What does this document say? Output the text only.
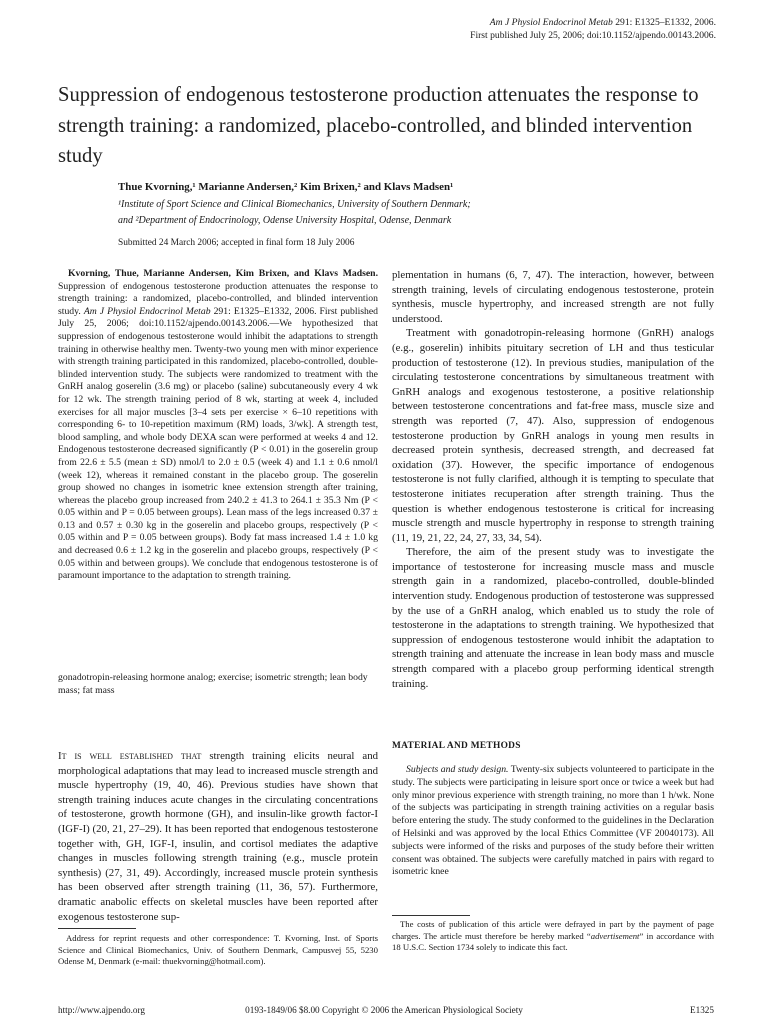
Am J Physiol Endocrinol Metab 291: E1325–E1332, 2006.
First published July 25, 2006; doi:10.1152/ajpendo.00143.2006.
Suppression of endogenous testosterone production attenuates the response to strength training: a randomized, placebo-controlled, and blinded intervention study
Thue Kvorning,¹ Marianne Andersen,² Kim Brixen,² and Klavs Madsen¹
¹Institute of Sport Science and Clinical Biomechanics, University of Southern Denmark;
and ²Department of Endocrinology, Odense University Hospital, Odense, Denmark
Submitted 24 March 2006; accepted in final form 18 July 2006

Kvorning, Thue, Marianne Andersen, Kim Brixen, and Klavs Madsen. Suppression of endogenous testosterone production attenuates the response to strength training: a randomized, placebo-controlled, and blinded intervention study. Am J Physiol Endocrinol Metab 291: E1325–E1332, 2006. First published July 25, 2006; doi:10.1152/ajpendo.00143.2006.—We hypothesized that suppression of endogenous testosterone would inhibit the adaptations to strength training in otherwise healthy men. Twenty-two young men with minor experience with strength training participated in this randomized, placebo-controlled, double-blinded intervention study. The subjects were randomized to treatment with the GnRH analog goserelin (3.6 mg) or placebo (saline) subcutaneously every 4 wk for 12 wk. The strength training period of 8 wk, starting at week 4, included exercises for all major muscles [3–4 sets per exercise × 6–10 repetitions with corresponding 6- to 10-repetition maximum (RM) loads, 3/wk]. A strength test, blood sampling, and whole body DEXA scan were performed at weeks 4 and 12. Endogenous testosterone decreased significantly (P < 0.01) in the goserelin group from 22.6 ± 5.5 (mean ± SD) nmol/l to 2.0 ± 0.5 (week 4) and 1.1 ± 0.6 nmol/l (week 12), whereas it remained constant in the placebo group. The goserelin group showed no changes in isometric knee extension strength after training, whereas the placebo group increased from 240.2 ± 41.3 to 264.1 ± 35.3 Nm (P < 0.05 within and P = 0.05 between groups). Lean mass of the legs increased 0.37 ± 0.13 and 0.57 ± 0.30 kg in the goserelin and placebo groups, respectively (P < 0.05 within and P = 0.05 between groups). Body fat mass increased 1.4 ± 1.0 kg and decreased 0.6 ± 1.2 kg in the goserelin and placebo groups, respectively (P < 0.05 within and between groups). We conclude that endogenous testosterone is of paramount importance to the adaptation to strength training.

gonadotropin-releasing hormone analog; exercise; isometric strength; lean body mass; fat mass

It is well established that strength training elicits neural and morphological adaptations that may lead to increased muscle strength and muscle hypertrophy (19, 40, 46). Previous studies have shown that strength training induces acute changes in the circulating concentrations of testosterone, growth hormone (GH), and insulin-like growth factor-I (IGF-I) (20, 21, 27–29). It has been reported that endogenous testosterone together with, GH, IGF-I, insulin, and cortisol mediates the adaptive changes in muscles following strength training (e.g., muscle protein synthesis) (27, 31, 49). Accordingly, increased muscle protein synthesis has been observed after strength training (11, 36, 57). Furthermore, dramatic anabolic effects on skeletal muscles have been reported after exogenous testosterone sup-

plementation in humans (6, 7, 47). The interaction, however, between strength training, levels of circulating endogenous testosterone, protein synthesis, muscle hypertrophy, and increased strength are not fully understood.

Treatment with gonadotropin-releasing hormone (GnRH) analogs (e.g., goserelin) inhibits pituitary secretion of LH and thus testicular production of testosterone (12). In previous studies, manipulation of the circulating testosterone concentrations by simultaneous treatment with GnRH analogs and exogenous testosterone, a positive relationship between testosterone concentrations and fat-free mass, muscle size and strength was reported (7, 47). Also, suppression of endogenous testosterone production by GnRH analogs in young men results in decreased protein synthesis, decreased strength, and decreased fat oxidation (37). However, the specific importance of endogenous testosterone is not fully clarified, although it is tempting to speculate that testosterone initiates recuperation after strength training. Thus the question is whether endogenous testosterone is critical for increasing muscle strength and muscle hypertrophy in response to strength training (11, 19, 21, 22, 24, 27, 33, 34, 54).

Therefore, the aim of the present study was to investigate the importance of testosterone for increasing muscle mass and muscle strength gain in a randomized, placebo-controlled, double-blinded intervention study. Endogenous production of testosterone was suppressed by the use of a GnRH analog, which enabled us to study the role of testosterone in the adaptations to strength training. We hypothesized that suppression of endogenous testosterone would inhibit the adaptation to strength training and attenuate the increase in lean body mass and muscle strength compared with a placebo group performing identical strength training.

MATERIAL AND METHODS

Subjects and study design. Twenty-six subjects volunteered to participate in the study. The subjects were participating in leisure sport once or twice a week but had only minor previous experience with strength training, no more than 1 h/wk. None of the subjects was participating in strength training activities on a regular basis before entering the study. The study conformed to the guidelines in the Declaration of Helsinki and was approved by the local Ethics Committee (VF 20040173). All subjects were informed of the risks and purposes of the study before their written consent was obtained. The subjects were carefully matched in pairs with regard to isometric knee

Address for reprint requests and other correspondence: T. Kvorning, Inst. of Sports Science and Clinical Biomechanics, Univ. of Southern Denmark, Campusvej 55, 5230 Odense M, Denmark (e-mail: thuekvorning@hotmail.com).

The costs of publication of this article were defrayed in part by the payment of page charges. The article must therefore be hereby marked “advertisement” in accordance with 18 U.S.C. Section 1734 solely to indicate this fact.

0193-1849/06 $8.00 Copyright © 2006 the American Physiological Society
http://www.ajpendo.org	E1325
